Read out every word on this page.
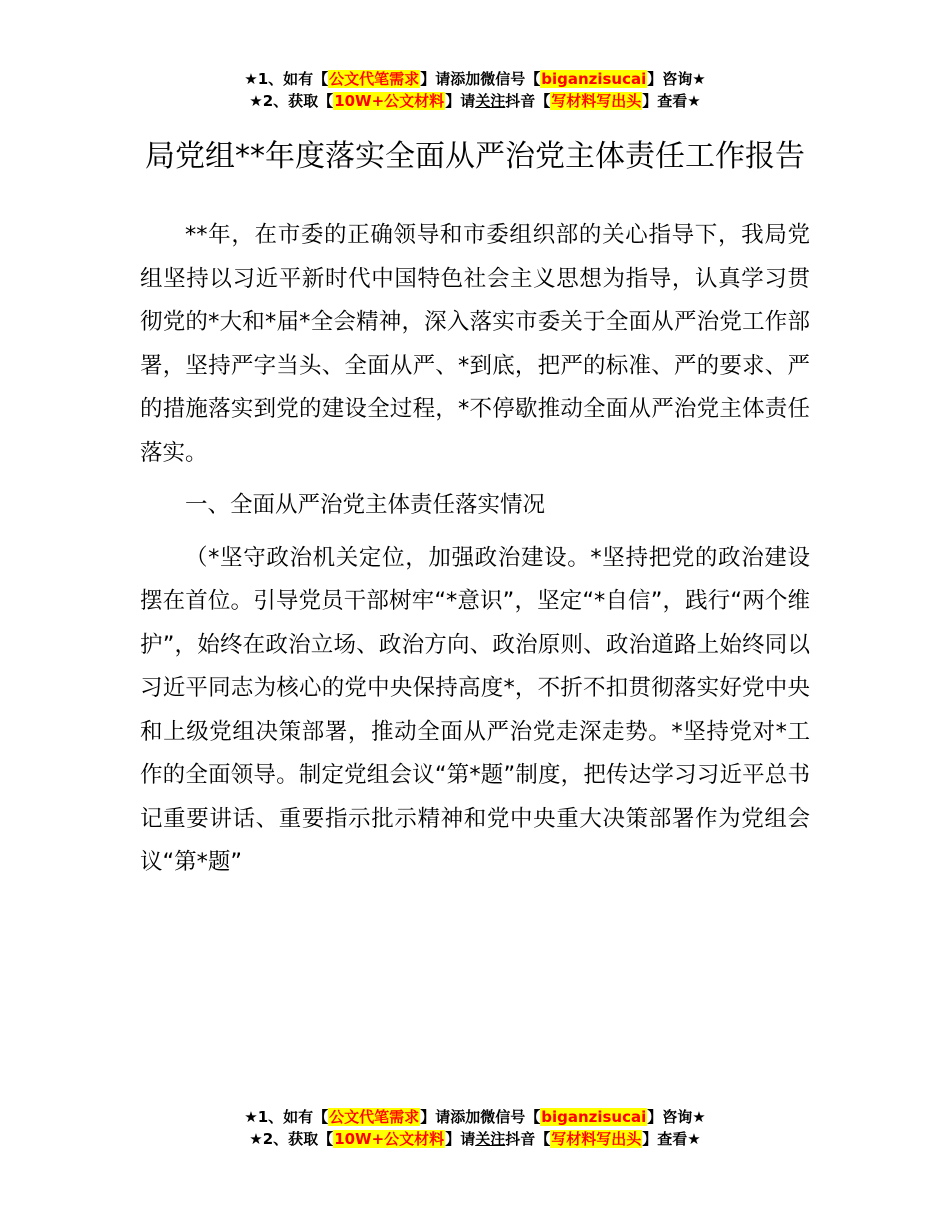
★1、如有【公文代笔需求】请添加微信号【biganzisucai】咨询★
★2、获取【10W+公文材料】请关注抖音【写材料写出头】查看★
局党组**年度落实全面从严治党主体责任工作报告

**年，在市委的正确领导和市委组织部的关心指导下，我局党组坚持以习近平新时代中国特色社会主义思想为指导，认真学习贯彻党的*大和*届*全会精神，深入落实市委关于全面从严治党工作部署，坚持严字当头、全面从严、*到底，把严的标准、严的要求、严的措施落实到党的建设全过程，*不停歇推动全面从严治党主体责任落实。

一、全面从严治党主体责任落实情况

（*坚守政治机关定位，加强政治建设。*坚持把党的政治建设摆在首位。引导党员干部树牢“*意识”，坚定“*自信”，践行“两个维护”，始终在政治立场、政治方向、政治原则、政治道路上始终同以习近平同志为核心的党中央保持高度*，不折不扣贯彻落实好党中央和上级党组决策部署，推动全面从严治党走深走势。*坚持党对*工作的全面领导。制定党组会议“第*题”制度，把传达学习习近平总书记重要讲话、重要指示批示精神和党中央重大决策部署作为党组会议“第*题”

★1、如有【公文代笔需求】请添加微信号【biganzisucai】咨询★
★2、获取【10W+公文材料】请关注抖音【写材料写出头】查看★
